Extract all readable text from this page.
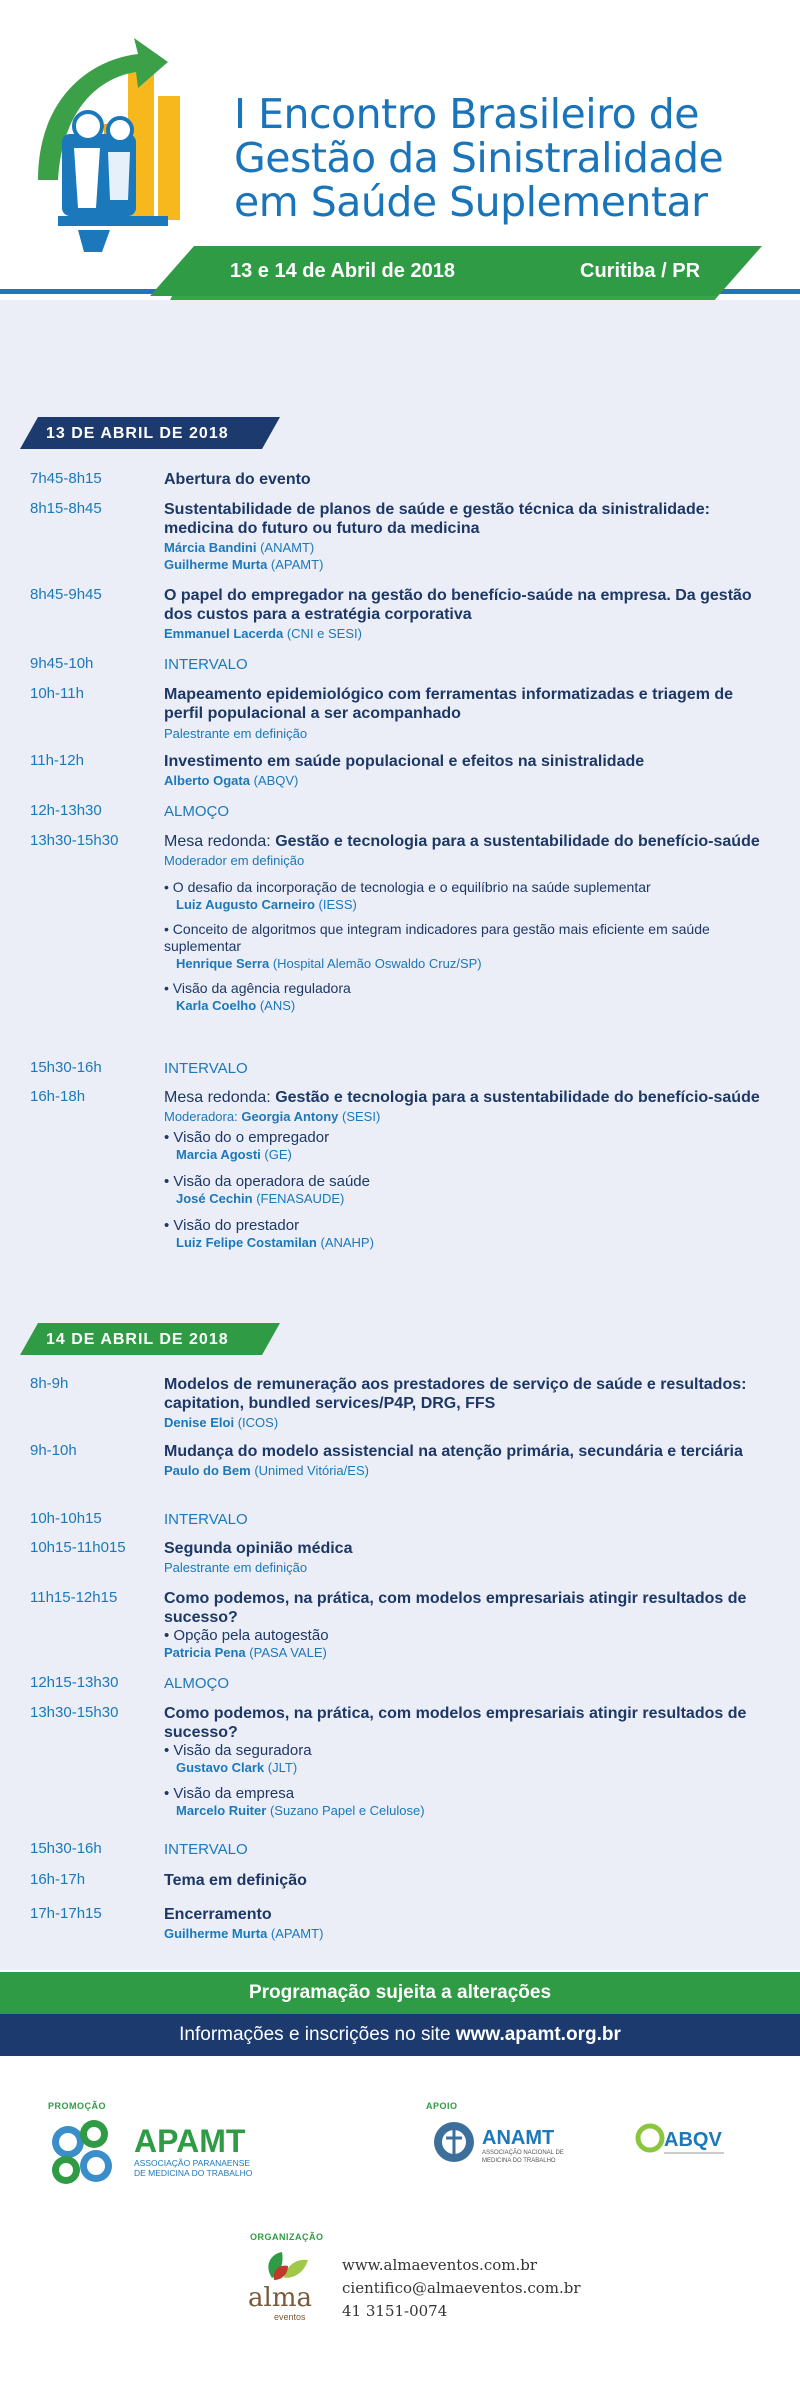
I Encontro Brasileiro de
Gestão da Sinistralidade
em Saúde Suplementar
13 e 14 de Abril de 2018	Curitiba / PR
13 DE ABRIL DE 2018
7h45-8h15	Abertura do evento
8h15-8h45	Sustentabilidade de planos de saúde e gestão técnica da sinistralidade: medicina do futuro ou futuro da medicina
Márcia Bandini (ANAMT)
Guilherme Murta (APAMT)
8h45-9h45	O papel do empregador na gestão do benefício-saúde na empresa. Da gestão dos custos para a estratégia corporativa
Emmanuel Lacerda (CNI e SESI)
9h45-10h	INTERVALO
10h-11h	Mapeamento epidemiológico com ferramentas informatizadas e triagem de perfil populacional a ser acompanhado
Palestrante em definição
11h-12h	Investimento em saúde populacional e efeitos na sinistralidade
Alberto Ogata (ABQV)
12h-13h30	ALMOÇO
13h30-15h30	Mesa redonda: Gestão e tecnologia para a sustentabilidade do benefício-saúde
Moderador em definição
• O desafio da incorporação de tecnologia e o equilíbrio na saúde suplementar
Luiz Augusto Carneiro (IESS)
• Conceito de algoritmos que integram indicadores para gestão mais eficiente em saúde suplementar
Henrique Serra (Hospital Alemão Oswaldo Cruz/SP)
• Visão da agência reguladora
Karla Coelho (ANS)
15h30-16h	INTERVALO
16h-18h	Mesa redonda: Gestão e tecnologia para a sustentabilidade do benefício-saúde
Moderadora: Georgia Antony (SESI)
• Visão do o empregador
Marcia Agosti (GE)
• Visão da operadora de saúde
José Cechin (FENASAUDE)
• Visão do prestador
Luiz Felipe Costamilan (ANAHP)
14 DE ABRIL DE 2018
8h-9h	Modelos de remuneração aos prestadores de serviço de saúde e resultados: capitation, bundled services/P4P, DRG, FFS
Denise Eloi (ICOS)
9h-10h	Mudança do modelo assistencial na atenção primária, secundária e terciária
Paulo do Bem (Unimed Vitória/ES)
10h-10h15	INTERVALO
10h15-11h015 Segunda opinião médica
Palestrante em definição
11h15-12h15	Como podemos, na prática, com modelos empresariais atingir resultados de sucesso?
• Opção pela autogestão
Patricia Pena (PASA VALE)
12h15-13h30	ALMOÇO
13h30-15h30	Como podemos, na prática, com modelos empresariais atingir resultados de sucesso?
• Visão da seguradora
Gustavo Clark (JLT)
• Visão da empresa
Marcelo Ruiter (Suzano Papel e Celulose)
15h30-16h	INTERVALO
16h-17h	Tema em definição
17h-17h15	Encerramento
Guilherme Murta (APAMT)
Programação sujeita a alterações
Informações e inscrições no site www.apamt.org.br
PROMOÇÃO	APOIO
APAMT
ASSOCIAÇÃO PARANAENSE
DE MEDICINA DO TRABALHO
ANAMT
ASSOCIAÇÃO NACIONAL DE
MEDICINA DO TRABALHO
ABQV
ORGANIZAÇÃO
alma
eventos
www.almaeventos.com.br
cientifico@almaeventos.com.br
41 3151-0074
